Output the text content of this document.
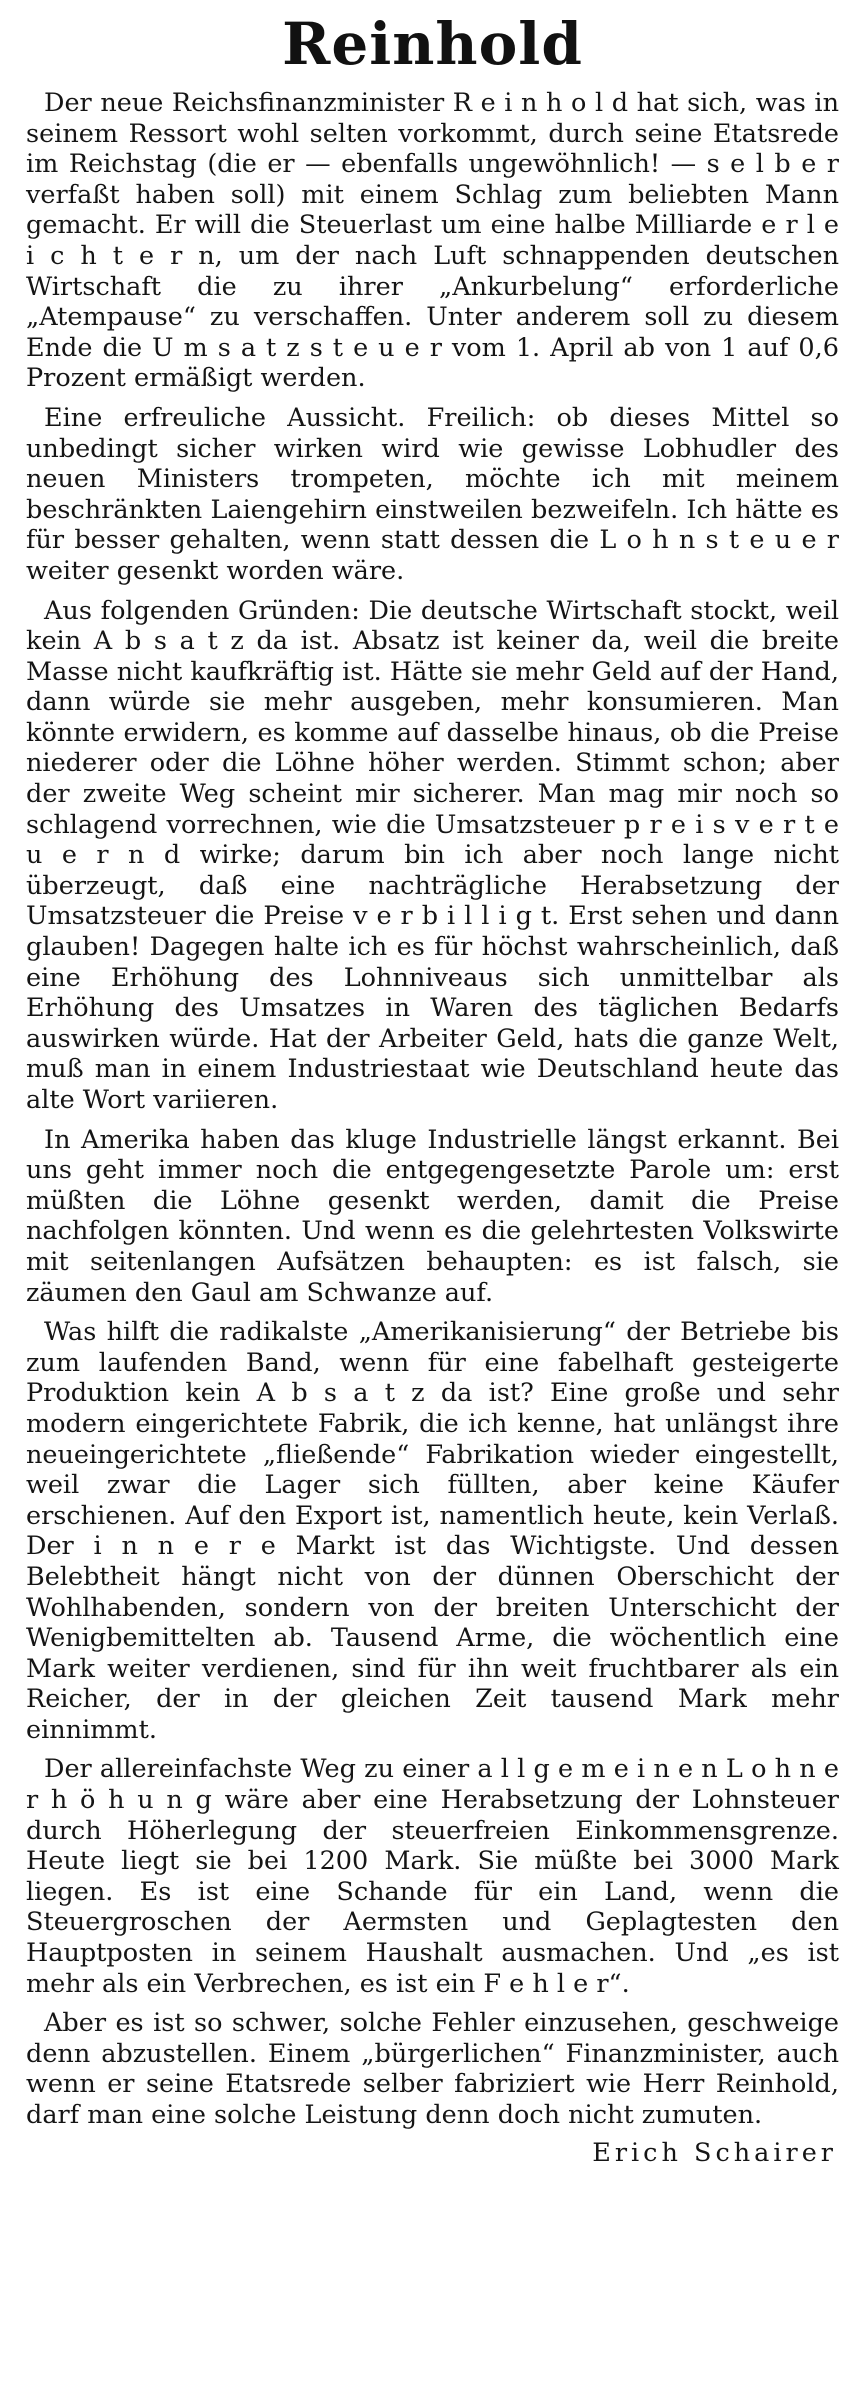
Reinhold

Der neue Reichsfinanzminister R e i n h o l d hat sich, was in seinem Ressort wohl selten vorkommt, durch seine Etatsrede im Reichstag (die er — ebenfalls ungewöhnlich! — s e l b e r verfaßt haben soll) mit einem Schlag zum beliebten Mann gemacht. Er will die Steuerlast um eine halbe Milliarde e r l e i c h t e r n, um der nach Luft schnappenden deutschen Wirtschaft die zu ihrer „Ankurbelung“ erforderliche „Atempause“ zu verschaffen. Unter anderem soll zu diesem Ende die U m s a t z s t e u e r vom 1. April ab von 1 auf 0,6 Prozent ermäßigt werden.

Eine erfreuliche Aussicht. Freilich: ob dieses Mittel so unbedingt sicher wirken wird wie gewisse Lobhudler des neuen Ministers trompeten, möchte ich mit meinem beschränkten Laiengehirn einstweilen bezweifeln. Ich hätte es für besser gehalten, wenn statt dessen die L o h n s t e u e r weiter gesenkt worden wäre.

Aus folgenden Gründen: Die deutsche Wirtschaft stockt, weil kein A b s a t z da ist. Absatz ist keiner da, weil die breite Masse nicht kaufkräftig ist. Hätte sie mehr Geld auf der Hand, dann würde sie mehr ausgeben, mehr konsumieren. Man könnte erwidern, es komme auf dasselbe hinaus, ob die Preise niederer oder die Löhne höher werden. Stimmt schon; aber der zweite Weg scheint mir sicherer. Man mag mir noch so schlagend vorrechnen, wie die Umsatzsteuer p r e i s v e r t e u e r n d wirke; darum bin ich aber noch lange nicht überzeugt, daß eine nachträgliche Herabsetzung der Umsatzsteuer die Preise v e r b i l l i g t. Erst sehen und dann glauben! Dagegen halte ich es für höchst wahrscheinlich, daß eine Erhöhung des Lohnniveaus sich unmittelbar als Erhöhung des Umsatzes in Waren des täglichen Bedarfs auswirken würde. Hat der Arbeiter Geld, hats die ganze Welt, muß man in einem Industriestaat wie Deutschland heute das alte Wort variieren.

In Amerika haben das kluge Industrielle längst erkannt. Bei uns geht immer noch die entgegengesetzte Parole um: erst müßten die Löhne gesenkt werden, damit die Preise nachfolgen könnten. Und wenn es die gelehrtesten Volkswirte mit seitenlangen Aufsätzen behaupten: es ist falsch, sie zäumen den Gaul am Schwanze auf.

Was hilft die radikalste „Amerikanisierung“ der Betriebe bis zum laufenden Band, wenn für eine fabelhaft gesteigerte Produktion kein A b s a t z da ist? Eine große und sehr modern eingerichtete Fabrik, die ich kenne, hat unlängst ihre neueingerichtete „fließende“ Fabrikation wieder eingestellt, weil zwar die Lager sich füllten, aber keine Käufer erschienen. Auf den Export ist, namentlich heute, kein Verlaß. Der i n n e r e Markt ist das Wichtigste. Und dessen Belebtheit hängt nicht von der dünnen Oberschicht der Wohlhabenden, sondern von der breiten Unterschicht der Wenigbemittelten ab. Tausend Arme, die wöchentlich eine Mark weiter verdienen, sind für ihn weit fruchtbarer als ein Reicher, der in der gleichen Zeit tausend Mark mehr einnimmt.

Der allereinfachste Weg zu einer a l l g e m e i n e n L o h n e r h ö h u n g wäre aber eine Herabsetzung der Lohnsteuer durch Höherlegung der steuerfreien Einkommensgrenze. Heute liegt sie bei 1200 Mark. Sie müßte bei 3000 Mark liegen. Es ist eine Schande für ein Land, wenn die Steuergroschen der Aermsten und Geplagtesten den Hauptposten in seinem Haushalt ausmachen. Und „es ist mehr als ein Verbrechen, es ist ein F e h l e r“.

Aber es ist so schwer, solche Fehler einzusehen, geschweige denn abzustellen. Einem „bürgerlichen“ Finanzminister, auch wenn er seine Etatsrede selber fabriziert wie Herr Reinhold, darf man eine solche Leistung denn doch nicht zumuten.

Erich Schairer
